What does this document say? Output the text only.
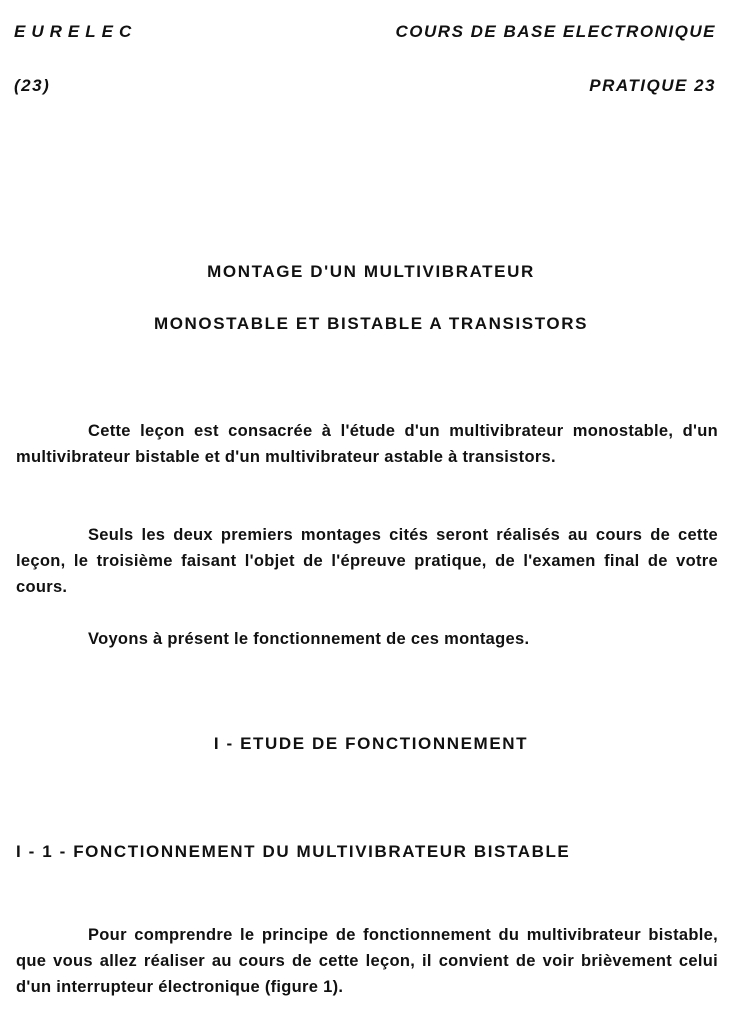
EURELEC	COURS DE BASE ELECTRONIQUE

(23)	PRATIQUE 23

MONTAGE D'UN MULTIVIBRATEUR
MONOSTABLE ET BISTABLE A TRANSISTORS

Cette leçon est consacrée à l'étude d'un multivibrateur monostable, d'un multivibrateur bistable et d'un multivibrateur astable à transistors.

Seuls les deux premiers montages cités seront réalisés au cours de cette leçon, le troisième faisant l'objet de l'épreuve pratique, de l'examen final de votre cours.

Voyons à présent le fonctionnement de ces montages.

I - ETUDE DE FONCTIONNEMENT
I - 1 - FONCTIONNEMENT DU MULTIVIBRATEUR BISTABLE

Pour comprendre le principe de fonctionnement du multivibrateur bistable, que vous allez réaliser au cours de cette leçon, il convient de voir brièvement celui d'un interrupteur électronique (figure 1).
